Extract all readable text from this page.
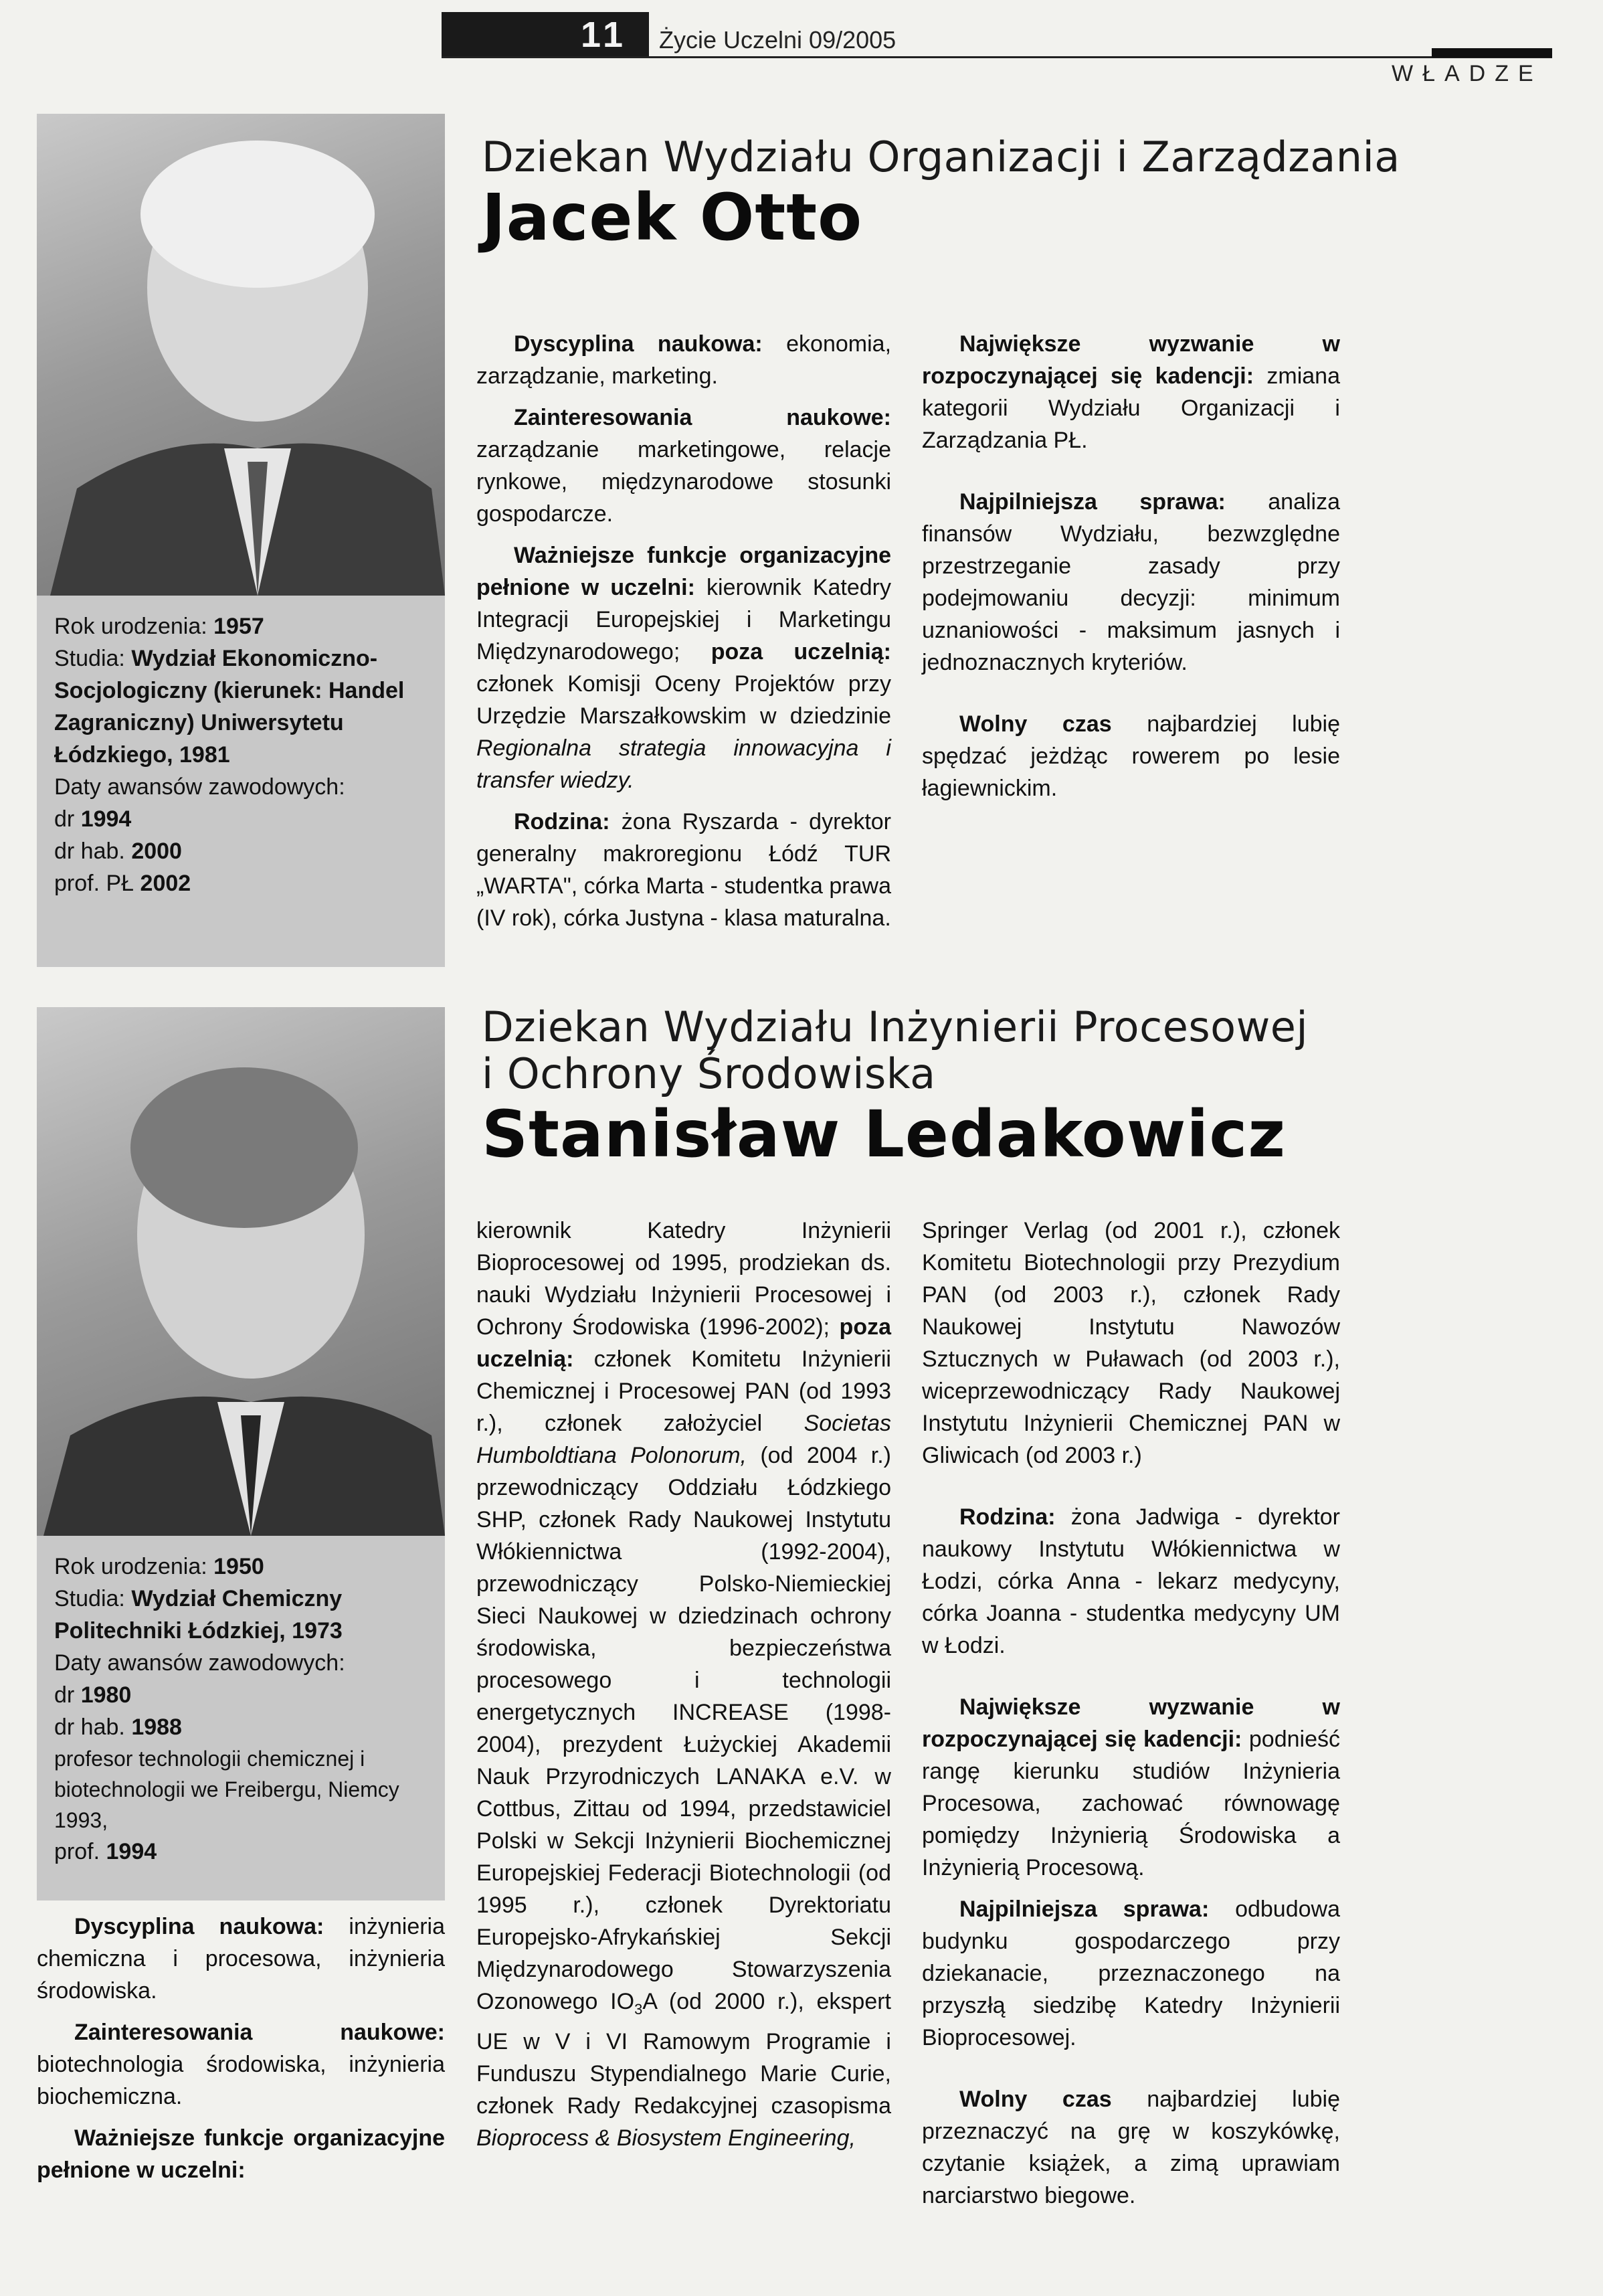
11 Życie Uczelni 09/2005
WŁADZE
Dziekan Wydziału Organizacji i Zarządzania
Jacek Otto

Rok urodzenia: 1957

Studia: Wydział Ekonomiczno-Socjologiczny (kierunek: Handel Zagraniczny) Uniwersytetu Łódzkiego, 1981

Daty awansów zawodowych:

dr 1994

dr hab. 2000

prof. PŁ 2002

Dyscyplina naukowa: ekonomia, zarządzanie, marketing.

Zainteresowania naukowe: zarządzanie marketingowe, relacje rynkowe, międzynarodowe stosunki gospodarcze.

Ważniejsze funkcje organizacyjne pełnione w uczelni: kierownik Katedry Integracji Europejskiej i Marketingu Międzynarodowego; poza uczelnią: członek Komisji Oceny Projektów przy Urzędzie Marszałkowskim w dziedzinie Regionalna strategia innowacyjna i transfer wiedzy.

Rodzina: żona Ryszarda - dyrektor generalny makroregionu Łódź TUR „WARTA", córka Marta - studentka prawa (IV rok), córka Justyna - klasa maturalna.

Największe wyzwanie w rozpoczynającej się kadencji: zmiana kategorii Wydziału Organizacji i Zarządzania PŁ.

Najpilniejsza sprawa: analiza finansów Wydziału, bezwzględne przestrzeganie zasady przy podejmowaniu decyzji: minimum uznaniowości - maksimum jasnych i jednoznacznych kryteriów.

Wolny czas najbardziej lubię spędzać jeżdżąc rowerem po lesie łagiewnickim.

Dziekan Wydziału Inżynierii Procesowej
i Ochrony Środowiska
Stanisław Ledakowicz

Rok urodzenia: 1950

Studia: Wydział Chemiczny Politechniki Łódzkiej, 1973

Daty awansów zawodowych:

dr 1980

dr hab. 1988

profesor technologii chemicznej i biotechnologii we Freibergu, Niemcy 1993,

prof. 1994

Dyscyplina naukowa: inżynieria chemiczna i procesowa, inżynieria środowiska.

Zainteresowania naukowe: biotechnologia środowiska, inżynieria biochemiczna.

Ważniejsze funkcje organizacyjne pełnione w uczelni:

kierownik Katedry Inżynierii Bioprocesowej od 1995, prodziekan ds. nauki Wydziału Inżynierii Procesowej i Ochrony Środowiska (1996-2002); poza uczelnią: członek Komitetu Inżynierii Chemicznej i Procesowej PAN (od 1993 r.), członek założyciel Societas Humboldtiana Polonorum, (od 2004 r.) przewodniczący Oddziału Łódzkiego SHP, członek Rady Naukowej Instytutu Włókiennictwa (1992-2004), przewodniczący Polsko-Niemieckiej Sieci Naukowej w dziedzinach ochrony środowiska, bezpieczeństwa procesowego i technologii energetycznych INCREASE (1998-2004), prezydent Łużyckiej Akademii Nauk Przyrodniczych LANAKA e.V. w Cottbus, Zittau od 1994, przedstawiciel Polski w Sekcji Inżynierii Biochemicznej Europejskiej Federacji Biotechnologii (od 1995 r.), członek Dyrektoriatu Europejsko-Afrykańskiej Sekcji Międzynarodowego Stowarzyszenia Ozonowego $IO_3A$ (od 2000 r.), ekspert UE w V i VI Ramowym Programie i Funduszu Stypendialnego Marie Curie, członek Rady Redakcyjnej czasopisma Bioprocess & Biosystem Engineering,

Springer Verlag (od 2001 r.), członek Komitetu Biotechnologii przy Prezydium PAN (od 2003 r.), członek Rady Naukowej Instytutu Nawozów Sztucznych w Puławach (od 2003 r.), wiceprzewodniczący Rady Naukowej Instytutu Inżynierii Chemicznej PAN w Gliwicach (od 2003 r.)

Rodzina: żona Jadwiga - dyrektor naukowy Instytutu Włókiennictwa w Łodzi, córka Anna - lekarz medycyny, córka Joanna - studentka medycyny UM w Łodzi.

Największe wyzwanie w rozpoczynającej się kadencji: podnieść rangę kierunku studiów Inżynieria Procesowa, zachować równowagę pomiędzy Inżynierią Środowiska a Inżynierią Procesową.

Najpilniejsza sprawa: odbudowa budynku gospodarczego przy dziekanacie, przeznaczonego na przyszłą siedzibę Katedry Inżynierii Bioprocesowej.

Wolny czas najbardziej lubię przeznaczyć na grę w koszykówkę, czytanie książek, a zimą uprawiam narciarstwo biegowe.
